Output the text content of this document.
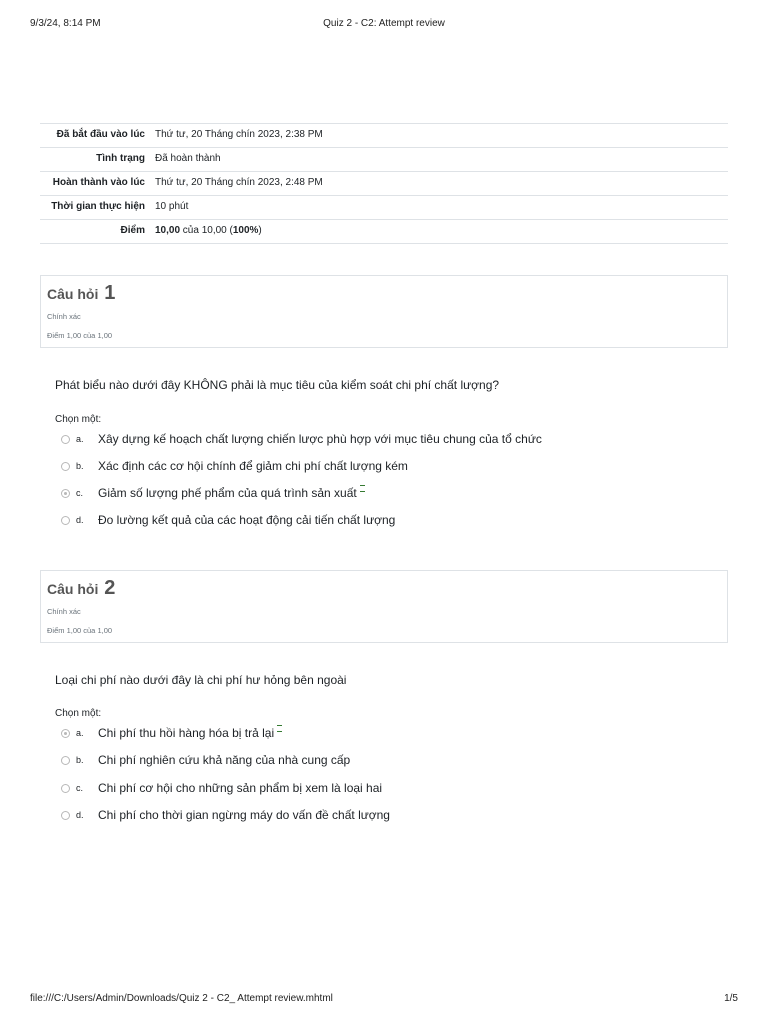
9/3/24, 8:14 PM	Quiz 2 - C2: Attempt review
Đã bắt đầu vào lúc	Thứ tư, 20 Tháng chín 2023, 2:38 PM
Tình trạng	Đã hoàn thành
Hoàn thành vào lúc	Thứ tư, 20 Tháng chín 2023, 2:48 PM
Thời gian thực hiện	10 phút
Điểm	10,00 của 10,00 (100%)
Câu hỏi 1
Chính xác
Điểm 1,00 của 1,00
Phát biểu nào dưới đây KHÔNG phải là mục tiêu của kiểm soát chi phí chất lượng?
Chọn một:
a.	Xây dựng kế hoạch chất lượng chiến lược phù hợp với mục tiêu chung của tổ chức
b.	Xác định các cơ hội chính để giảm chi phí chất lượng kém
c.	Giảm số lượng phế phẩm của quá trình sản xuất
d.	Đo lường kết quả của các hoạt động cải tiến chất lượng
Câu hỏi 2
Chính xác
Điểm 1,00 của 1,00
Loại chi phí nào dưới đây là chi phí hư hỏng bên ngoài
Chọn một:
a.	Chi phí thu hồi hàng hóa bị trả lại
b.	Chi phí nghiên cứu khả năng của nhà cung cấp
c.	Chi phí cơ hội cho những sản phẩm bị xem là loại hai
d.	Chi phí cho thời gian ngừng máy do vấn đề chất lượng
file:///C:/Users/Admin/Downloads/Quiz 2 - C2_ Attempt review.mhtml	1/5
